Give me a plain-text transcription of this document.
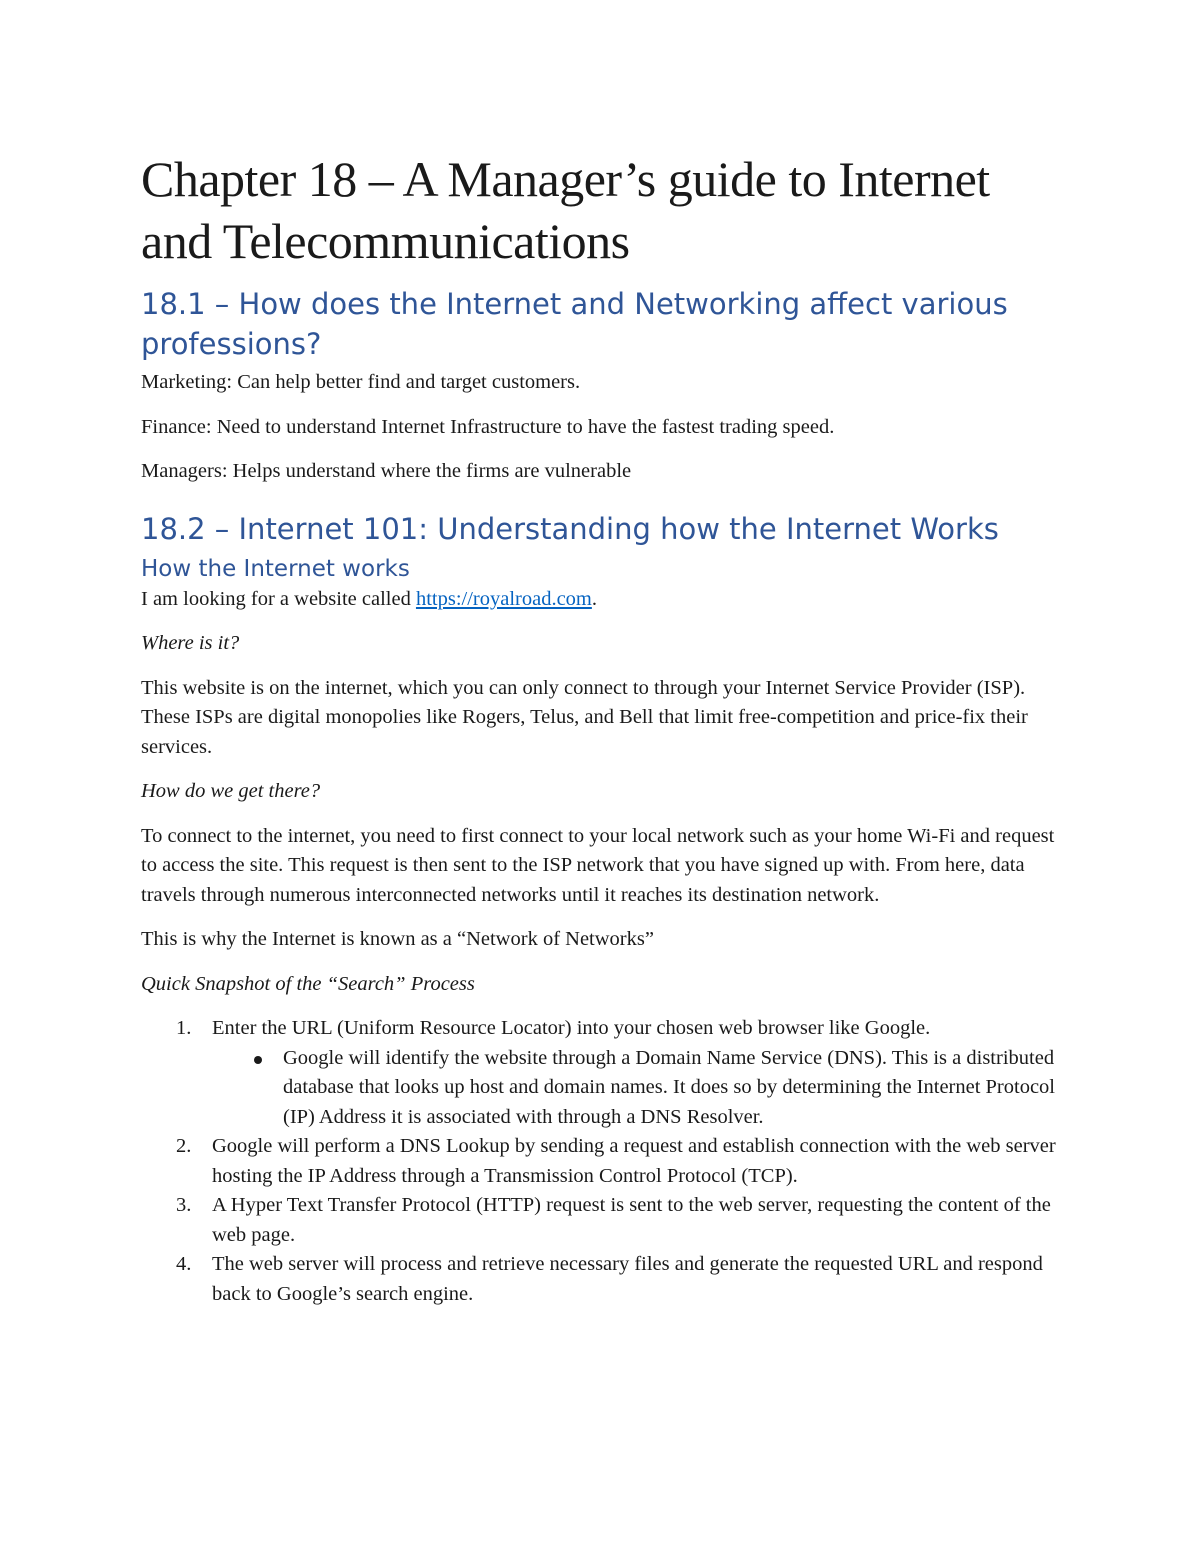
Chapter 18 – A Manager’s guide to Internet and Telecommunications
18.1 – How does the Internet and Networking affect various professions?

Marketing: Can help better find and target customers.

Finance: Need to understand Internet Infrastructure to have the fastest trading speed.

Managers: Helps understand where the firms are vulnerable

18.2 – Internet 101: Understanding how the Internet Works
How the Internet works

I am looking for a website called https://royalroad.com.

Where is it?

This website is on the internet, which you can only connect to through your Internet Service Provider (ISP). These ISPs are digital monopolies like Rogers, Telus, and Bell that limit free-competition and price-fix their services.

How do we get there?

To connect to the internet, you need to first connect to your local network such as your home Wi-Fi and request to access the site. This request is then sent to the ISP network that you have signed up with. From here, data travels through numerous interconnected networks until it reaches its destination network.

This is why the Internet is known as a “Network of Networks”

Quick Snapshot of the “Search” Process

1. Enter the URL (Uniform Resource Locator) into your chosen web browser like Google.
Google will identify the website through a Domain Name Service (DNS). This is a distributed database that looks up host and domain names. It does so by determining the Internet Protocol (IP) Address it is associated with through a DNS Resolver.
2. Google will perform a DNS Lookup by sending a request and establish connection with the web server hosting the IP Address through a Transmission Control Protocol (TCP).
3. A Hyper Text Transfer Protocol (HTTP) request is sent to the web server, requesting the content of the web page.
4. The web server will process and retrieve necessary files and generate the requested URL and respond back to Google’s search engine.
